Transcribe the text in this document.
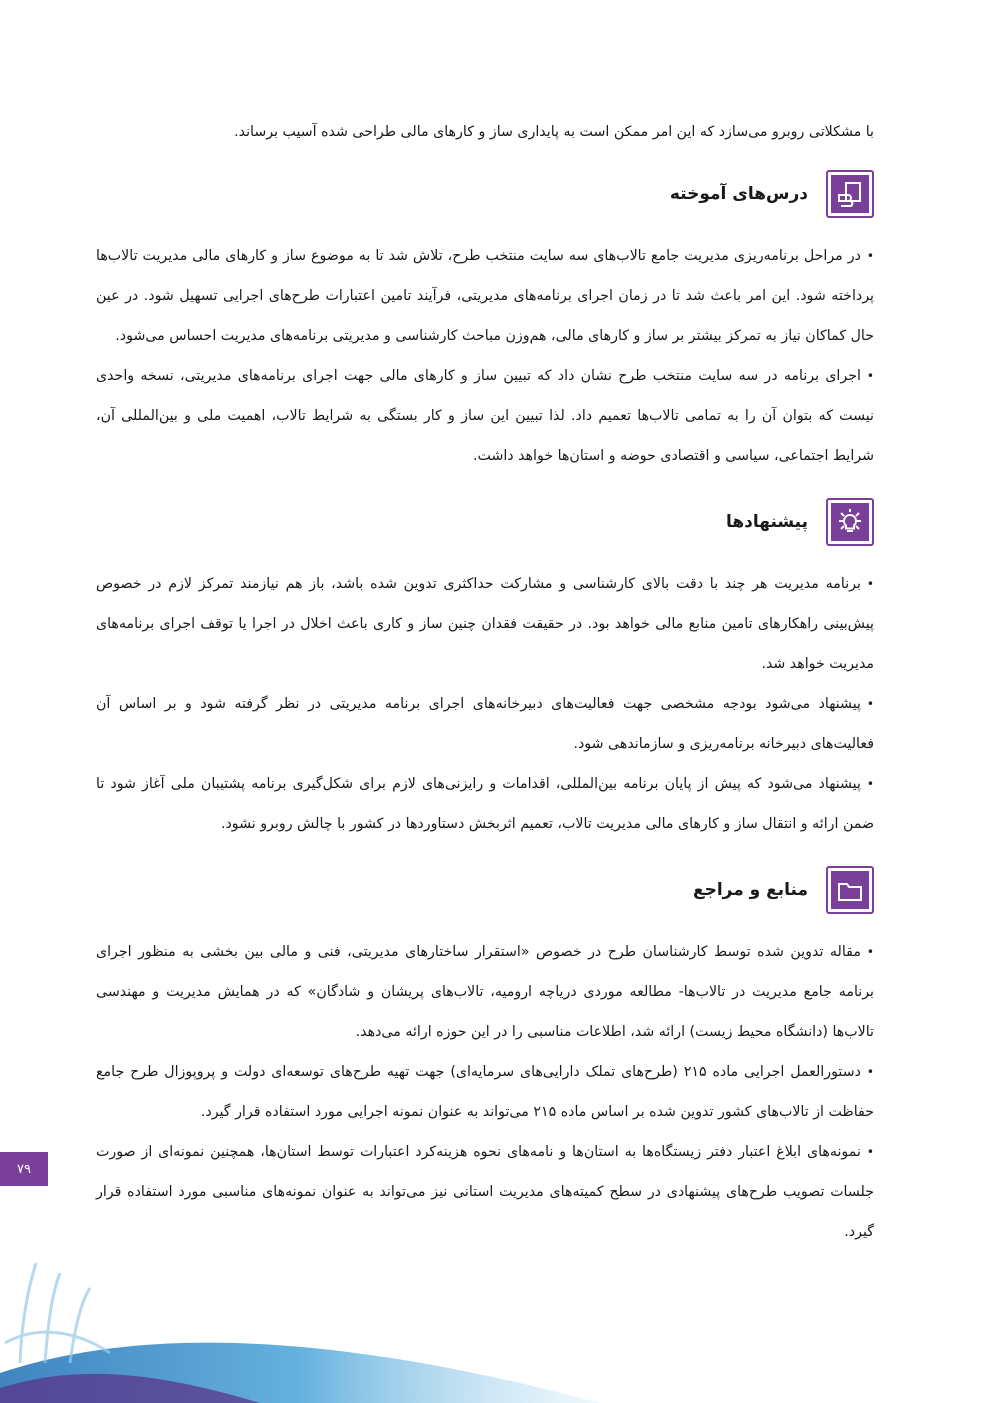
با مشکلاتی روبرو می‌سازد که این امر ممکن است به پایداری ساز و کارهای مالی طراحی شده آسیب برساند.

درس‌های آموخته
•در مراحل برنامه‌ریزی مدیریت جامع تالاب‌های سه سایت منتخب طرح، تلاش شد تا به موضوع ساز و کارهای مالی مدیریت تالاب‌ها پرداخته شود. این امر باعث شد تا در زمان اجرای برنامه‌های مدیریتی، فرآیند تامین اعتبارات طرح‌های اجرایی تسهیل شود. در عین حال کماکان نیاز به تمرکز بیشتر بر ساز و کارهای مالی، هم‌وزن مباحث کارشناسی و مدیریتی برنامه‌های مدیریت احساس می‌شود.
•اجرای برنامه در سه سایت منتخب طرح نشان داد که تبیین ساز و کارهای مالی جهت اجرای برنامه‌های مدیریتی، نسخه واحدی نیست که بتوان آن را به تمامی تالاب‌ها تعمیم داد. لذا تبیین این ساز و کار بستگی به شرایط تالاب، اهمیت ملی و بین‌المللی آن، شرایط اجتماعی، سیاسی و اقتصادی حوضه و استان‌ها خواهد داشت.
پیشنهادها
•برنامه مدیریت هر چند با دقت بالای کارشناسی و مشارکت حداکثری تدوین شده باشد، باز هم نیازمند تمرکز لازم در خصوص پیش‌بینی راهکارهای تامین منابع مالی خواهد بود. در حقیقت فقدان چنین ساز و کاری باعث اخلال در اجرا یا توقف اجرای برنامه‌های مدیریت خواهد شد.
•پیشنهاد می‌شود بودجه مشخصی جهت فعالیت‌های دبیرخانه‌های اجرای برنامه مدیریتی در نظر گرفته شود و بر اساس آن فعالیت‌های دبیرخانه برنامه‌ریزی و سازماندهی شود.
•پیشنهاد می‌شود که پیش از پایان برنامه بین‌المللی، اقدامات و رایزنی‌های لازم برای شکل‌گیری برنامه پشتیبان ملی آغاز شود تا ضمن ارائه و انتقال ساز و کارهای مالی مدیریت تالاب، تعمیم اثربخش دستاوردها در کشور با چالش روبرو نشود.
منابع و مراجع
•مقاله تدوین شده توسط کارشناسان طرح در خصوص «استقرار ساختارهای مدیریتی، فنی و مالی بین بخشی به منظور اجرای برنامه جامع مدیریت در تالاب‌ها- مطالعه موردی دریاچه ارومیه، تالاب‌های پریشان و شادگان» که در همایش مدیریت و مهندسی تالاب‌ها (دانشگاه محیط زیست) ارائه شد، اطلاعات مناسبی را در این حوزه ارائه می‌دهد.
•دستورالعمل اجرایی ماده ۲۱۵ (طرح‌های تملک دارایی‌های سرمایه‌ای) جهت تهیه طرح‌های توسعه‌ای دولت و پروپوزال طرح جامع حفاظت از تالاب‌های کشور تدوین شده بر اساس ماده ۲۱۵ می‌تواند به عنوان نمونه اجرایی مورد استفاده قرار گیرد.
•نمونه‌های ابلاغ اعتبار دفتر زیستگاه‌ها به استان‌ها و نامه‌های نحوه هزینه‌کرد اعتبارات توسط استان‌ها، همچنین نمونه‌ای از صورت جلسات تصویب طرح‌های پیشنهادی در سطح کمیته‌های مدیریت استانی نیز می‌تواند به عنوان نمونه‌های مناسبی مورد استفاده قرار گیرد.
۷۹
